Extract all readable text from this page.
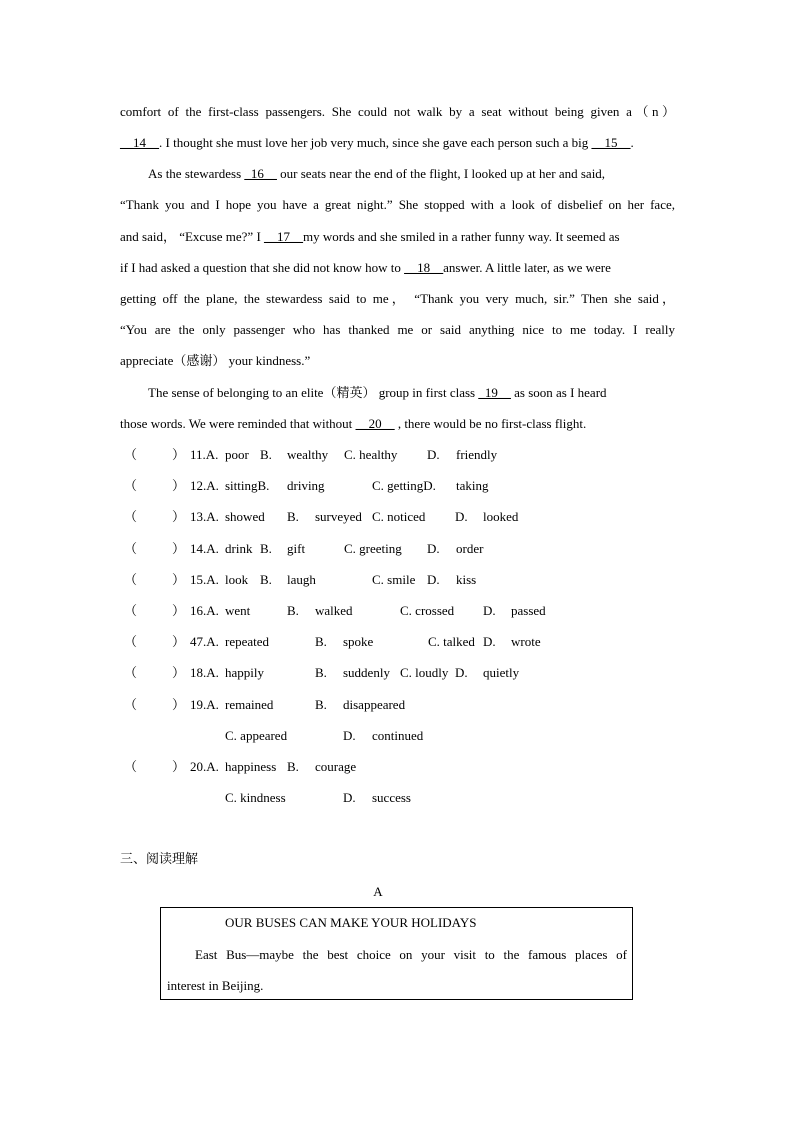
comfort of the first-class passengers. She could not walk by a seat without being given a（n）
__14__. I thought she must love her job very much, since she gave each person such a big __15__.
As the stewardess _16__ our seats near the end of the flight, I looked up at her and said,
“Thank you and I hope you have a great night.” She stopped with a look of disbelief on her face,
and said， “Excuse me?” I __17__my words and she smiled in a rather funny way. It seemed as
if I had asked a question that she did not know how to __18__answer. A little later, as we were
getting off the plane, the stewardess said to me， “Thank you very much, sir.” Then she said，
“You are the only passenger who has thanked me or said anything nice to me today. I really
appreciate（感谢） your kindness.”
The sense of belonging to an elite（精英） group in first class _19__ as soon as I heard
those words. We were reminded that without __20__ , there would be no first-class flight.
（	） 11.A. poor B. wealthy C. healthy D. friendly
（	） 12.A. sittingB. driving	C. gettingD. taking
（	） 13.A. showed B. surveyed C. noticed D. looked
（	） 14.A. drink B. gift	C. greeting D. order
（	） 15.A. look B. laugh	C. smile D. kiss
（	） 16.A. went	B. walked	C. crossed D. passed
（	） 47.A. repeated	B. spoke	C. talked D. wrote
（	） 18.A. happily	B. suddenly C. loudly D. quietly
（	） 19.A. remained	B. disappeared
C. appeared	D. continued
（	） 20.A. happiness B. courage
C. kindness	D. success
三、阅读理解
A
OUR BUSES CAN MAKE YOUR HOLIDAYS
East Bus—maybe the best choice on your visit to the famous places of
interest in Beijing.
